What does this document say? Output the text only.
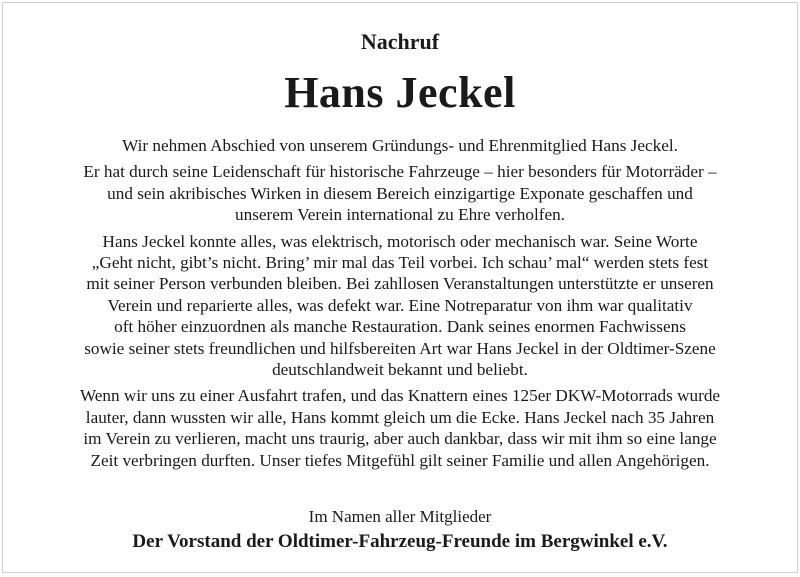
Nachruf
Hans Jeckel

Wir nehmen Abschied von unserem Gründungs- und Ehrenmitglied Hans Jeckel.

Er hat durch seine Leidenschaft für historische Fahrzeuge – hier besonders für Motorräder –
und sein akribisches Wirken in diesem Bereich einzigartige Exponate geschaffen und
unserem Verein international zu Ehre verholfen.

Hans Jeckel konnte alles, was elektrisch, motorisch oder mechanisch war. Seine Worte
„Geht nicht, gibt’s nicht. Bring’ mir mal das Teil vorbei. Ich schau’ mal“ werden stets fest
mit seiner Person verbunden bleiben. Bei zahllosen Veranstaltungen unterstützte er unseren
Verein und reparierte alles, was defekt war. Eine Notreparatur von ihm war qualitativ
oft höher einzuordnen als manche Restauration. Dank seines enormen Fachwissens
sowie seiner stets freundlichen und hilfsbereiten Art war Hans Jeckel in der Oldtimer-Szene
deutschlandweit bekannt und beliebt.

Wenn wir uns zu einer Ausfahrt trafen, und das Knattern eines 125er DKW-Motorrads wurde
lauter, dann wussten wir alle, Hans kommt gleich um die Ecke. Hans Jeckel nach 35 Jahren
im Verein zu verlieren, macht uns traurig, aber auch dankbar, dass wir mit ihm so eine lange
Zeit verbringen durften. Unser tiefes Mitgefühl gilt seiner Familie und allen Angehörigen.

Im Namen aller Mitglieder
Der Vorstand der Oldtimer-Fahrzeug-Freunde im Bergwinkel e.V.
